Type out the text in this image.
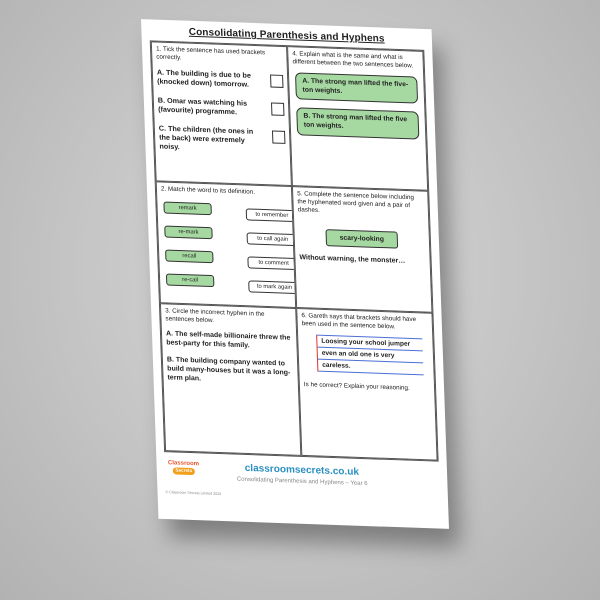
Consolidating Parenthesis and Hyphens
1. Tick the sentence has used brackets correctly.
A. The building is due to be (knocked down) tomorrow.
B. Omar was watching his (favourite) programme.
C. The children (the ones in the back) were extremely noisy.
4. Explain what is the same and what is different between the two sentences below.
A. The strong man lifted the five-ton weights.
B. The strong man lifted the five ton weights.
2. Match the word to its definition.
remark
re-mark
recall
re-call
to remember
to call again
to comment
to mark again
5. Complete the sentence below including the hyphenated word given and a pair of dashes.
scary-looking
Without warning, the monster…
3. Circle the incorrect hyphen in the sentences below.
A. The self-made billionaire threw the best-party for this family.
B. The building company wanted to build many-houses but it was a long-term plan.
6. Gareth says that brackets should have been used in the sentence below.
Loosing your school jumper
even an old one is very
careless.
Is he correct? Explain your reasoning.
Classroom
Secrets	classroomsecrets.co.uk
Consolidating Parenthesis and Hyphens – Year 6
© Classroom Secrets Limited 2020
